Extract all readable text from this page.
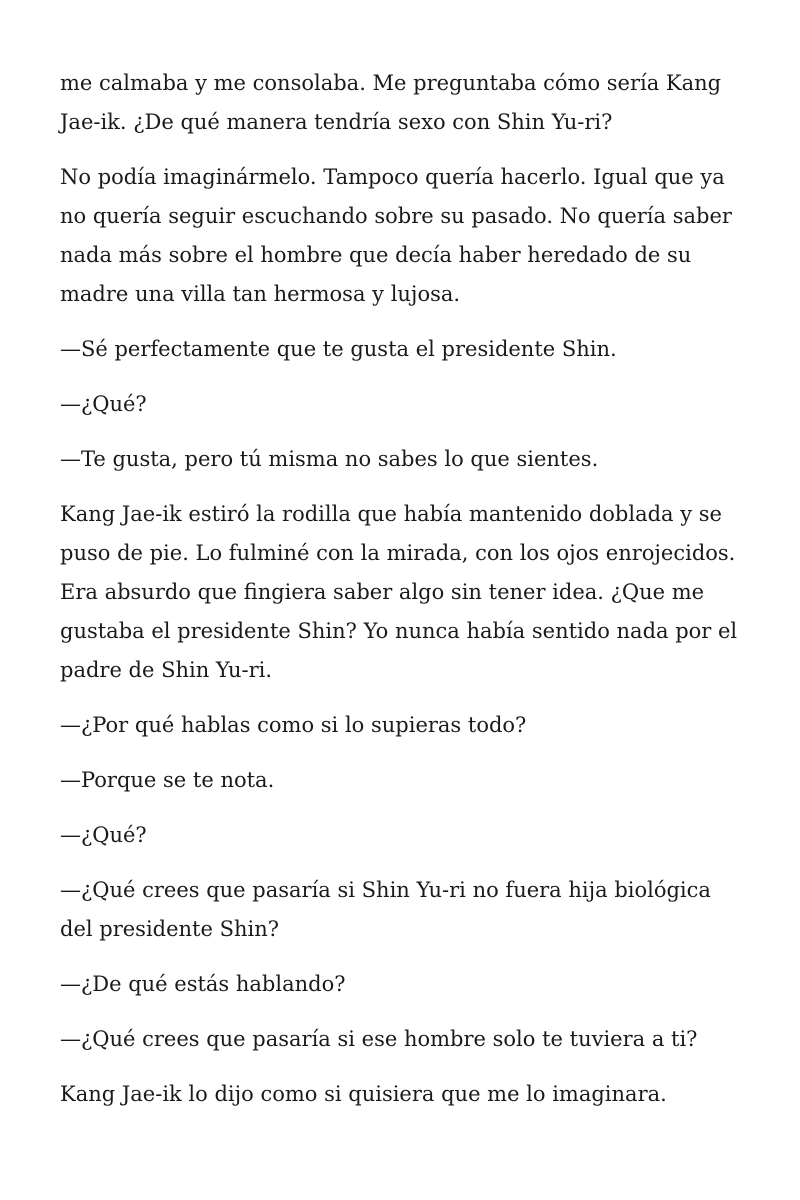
me calmaba y me consolaba. Me preguntaba cómo sería Kang Jae-ik. ¿De qué manera tendría sexo con Shin Yu-ri?

No podía imaginármelo. Tampoco quería hacerlo. Igual que ya no quería seguir escuchando sobre su pasado. No quería saber nada más sobre el hombre que decía haber heredado de su madre una villa tan hermosa y lujosa.

—Sé perfectamente que te gusta el presidente Shin.

—¿Qué?

—Te gusta, pero tú misma no sabes lo que sientes.

Kang Jae-ik estiró la rodilla que había mantenido doblada y se puso de pie. Lo fulminé con la mirada, con los ojos enrojecidos. Era absurdo que fingiera saber algo sin tener idea. ¿Que me gustaba el presidente Shin? Yo nunca había sentido nada por el padre de Shin Yu-ri.

—¿Por qué hablas como si lo supieras todo?

—Porque se te nota.

—¿Qué?

—¿Qué crees que pasaría si Shin Yu-ri no fuera hija biológica del presidente Shin?

—¿De qué estás hablando?

—¿Qué crees que pasaría si ese hombre solo te tuviera a ti?

Kang Jae-ik lo dijo como si quisiera que me lo imaginara.
